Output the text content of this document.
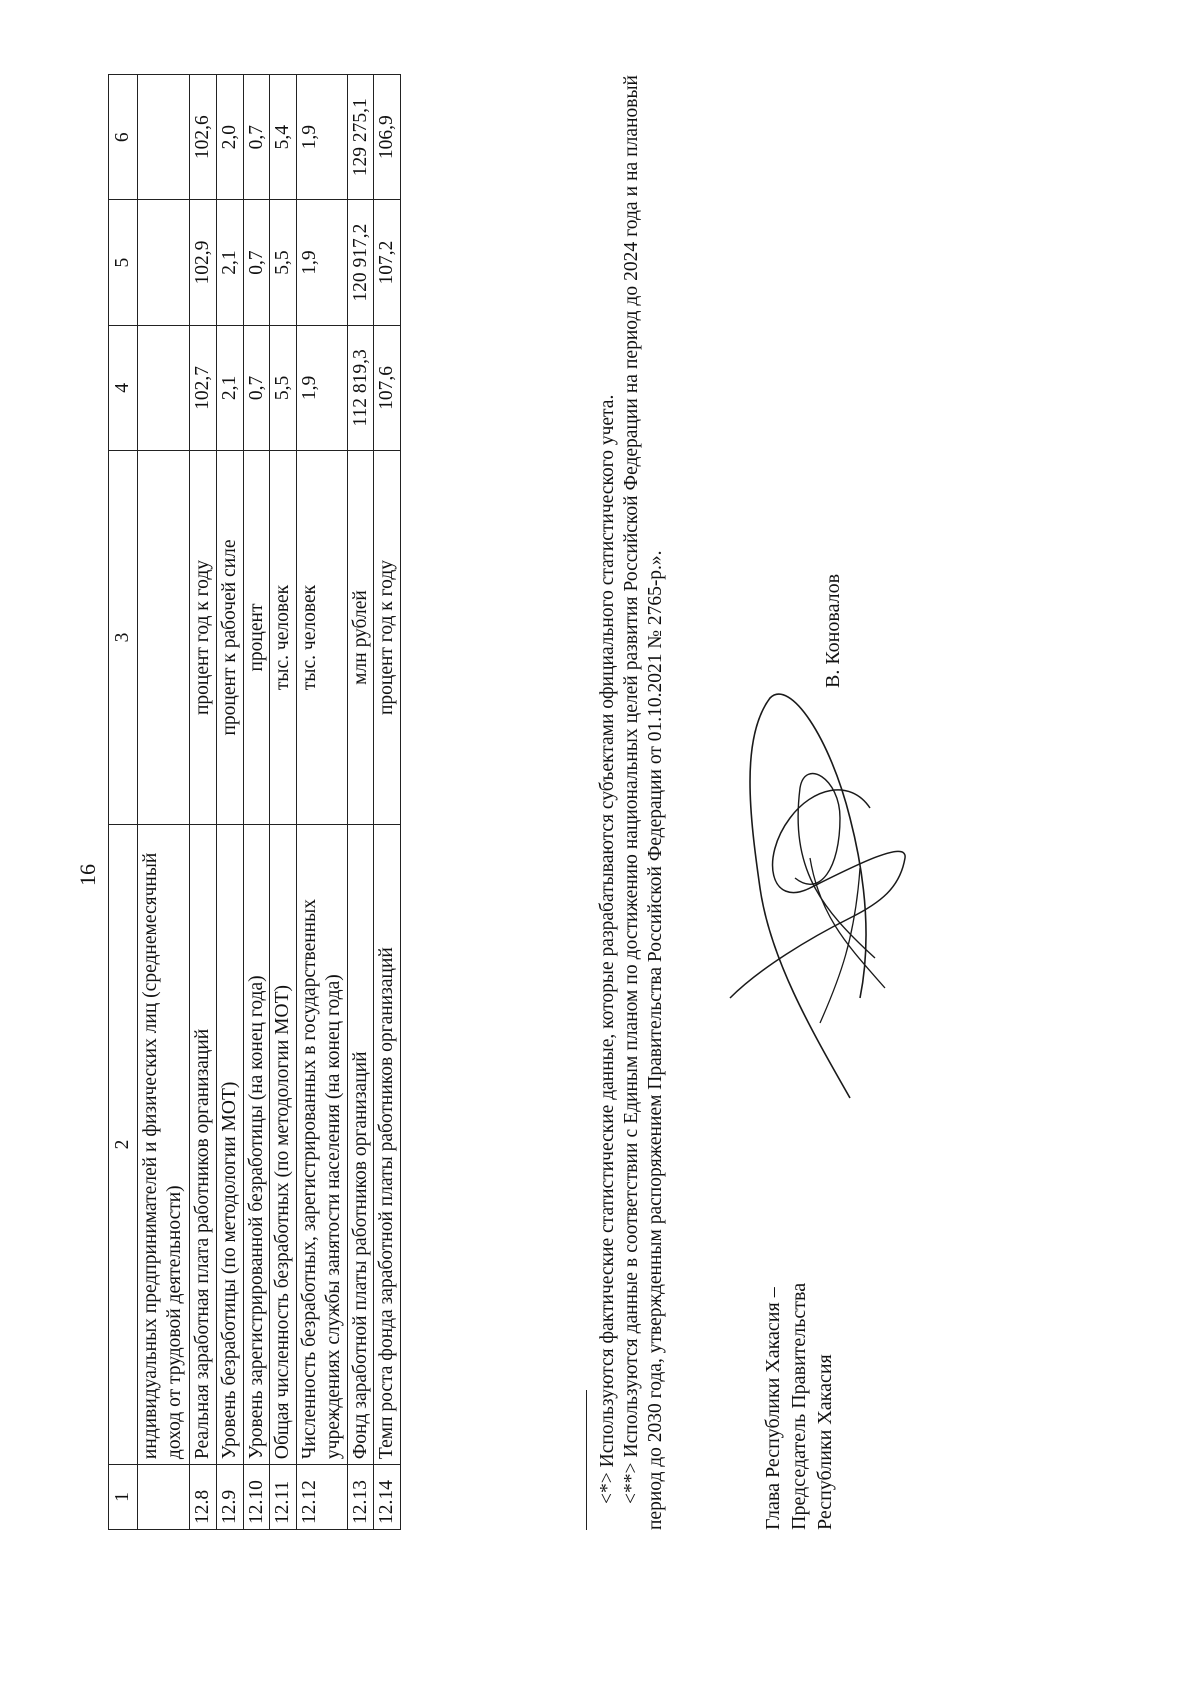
16
1	2	3	4	5	6
	индивидуальных предпринимателей и физических лиц (среднемесячный доход от трудовой деятельности)				
12.8	Реальная заработная плата работников организаций	процент год к году	102,7	102,9	102,6
12.9	Уровень безработицы (по методологии МОТ)	процент к рабочей силе	2,1	2,1	2,0
12.10	Уровень зарегистрированной безработицы (на конец года)	процент	0,7	0,7	0,7
12.11	Общая численность безработных (по методологии МОТ)	тыс. человек	5,5	5,5	5,4
12.12	Численность безработных, зарегистрированных в государственных учреждениях службы занятости населения (на конец года)	тыс. человек	1,9	1,9	1,9
12.13	Фонд заработной платы работников организаций	млн рублей	112 819,3	120 917,2	129 275,1
12.14	Темп роста фонда заработной платы работников организаций	процент год к году	107,6	107,2	106,9
<*> Используются фактические статистические данные, которые разрабатываются субъектами официального статистического учета. <**> Используются данные в соответствии с Единым планом по достижению национальных целей развития Российской Федерации на период до 2024 года и на плановый период до 2030 года, утвержденным распоряжением Правительства Российской Федерации от 01.10.2021 № 2765-р.».	Глава Республики Хакасия – Председатель Правительства Республики Хакасия
В. Коновалов
